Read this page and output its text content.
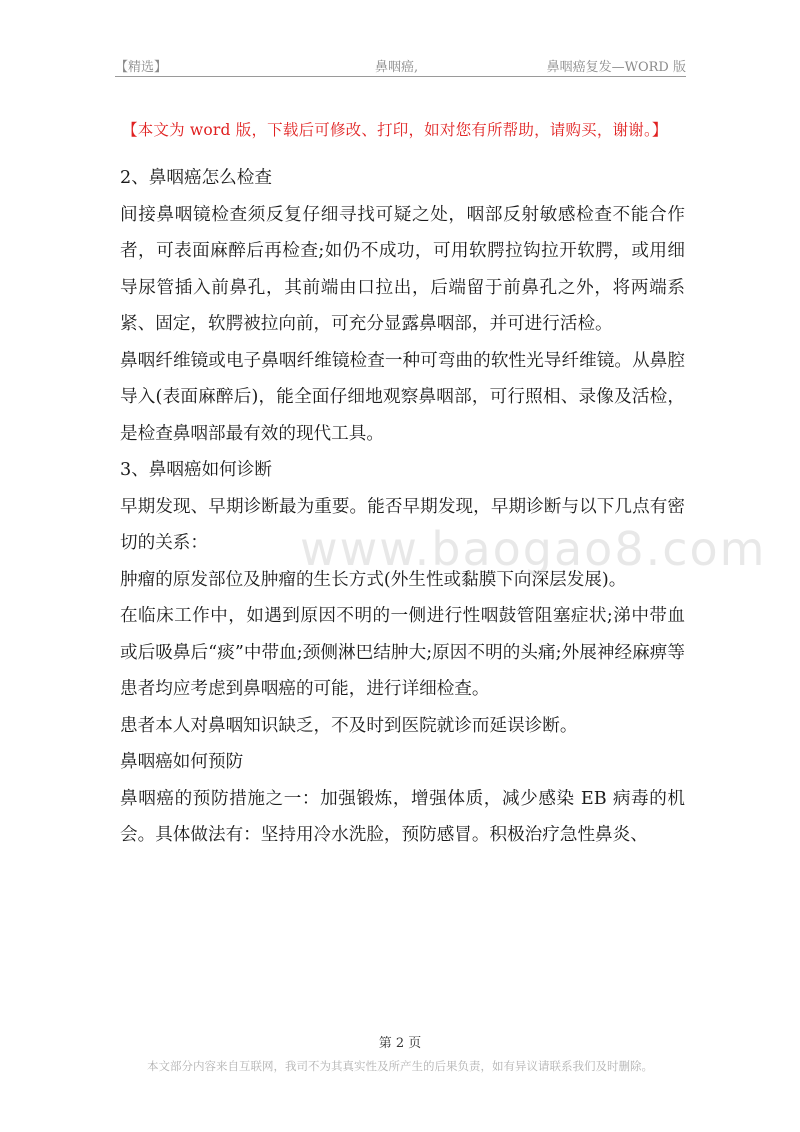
【精选】	鼻咽癌,	鼻咽癌复发—WORD 版
【本文为 word 版，下载后可修改、打印，如对您有所帮助，请购买，谢谢。】

2、鼻咽癌怎么检查

间接鼻咽镜检查须反复仔细寻找可疑之处，咽部反射敏感检查不能合作者，可表面麻醉后再检查;如仍不成功，可用软腭拉钩拉开软腭，或用细导尿管插入前鼻孔，其前端由口拉出，后端留于前鼻孔之外，将两端系紧、固定，软腭被拉向前，可充分显露鼻咽部，并可进行活检。

鼻咽纤维镜或电子鼻咽纤维镜检查一种可弯曲的软性光导纤维镜。从鼻腔导入(表面麻醉后)，能全面仔细地观察鼻咽部，可行照相、录像及活检，是检查鼻咽部最有效的现代工具。

3、鼻咽癌如何诊断

早期发现、早期诊断最为重要。能否早期发现，早期诊断与以下几点有密切的关系：

肿瘤的原发部位及肿瘤的生长方式(外生性或黏膜下向深层发展)。

在临床工作中，如遇到原因不明的一侧进行性咽鼓管阻塞症状;涕中带血或后吸鼻后“痰”中带血;颈侧淋巴结肿大;原因不明的头痛;外展神经麻痹等患者均应考虑到鼻咽癌的可能，进行详细检查。

患者本人对鼻咽知识缺乏，不及时到医院就诊而延误诊断。

鼻咽癌如何预防

鼻咽癌的预防措施之一：加强锻炼，增强体质，减少感染 EB 病毒的机会。具体做法有：坚持用冷水洗脸，预防感冒。积极治疗急性鼻炎、

www.baogao8.com
第 2 页
本文部分内容来自互联网，我司不为其真实性及所产生的后果负责，如有异议请联系我们及时删除。
